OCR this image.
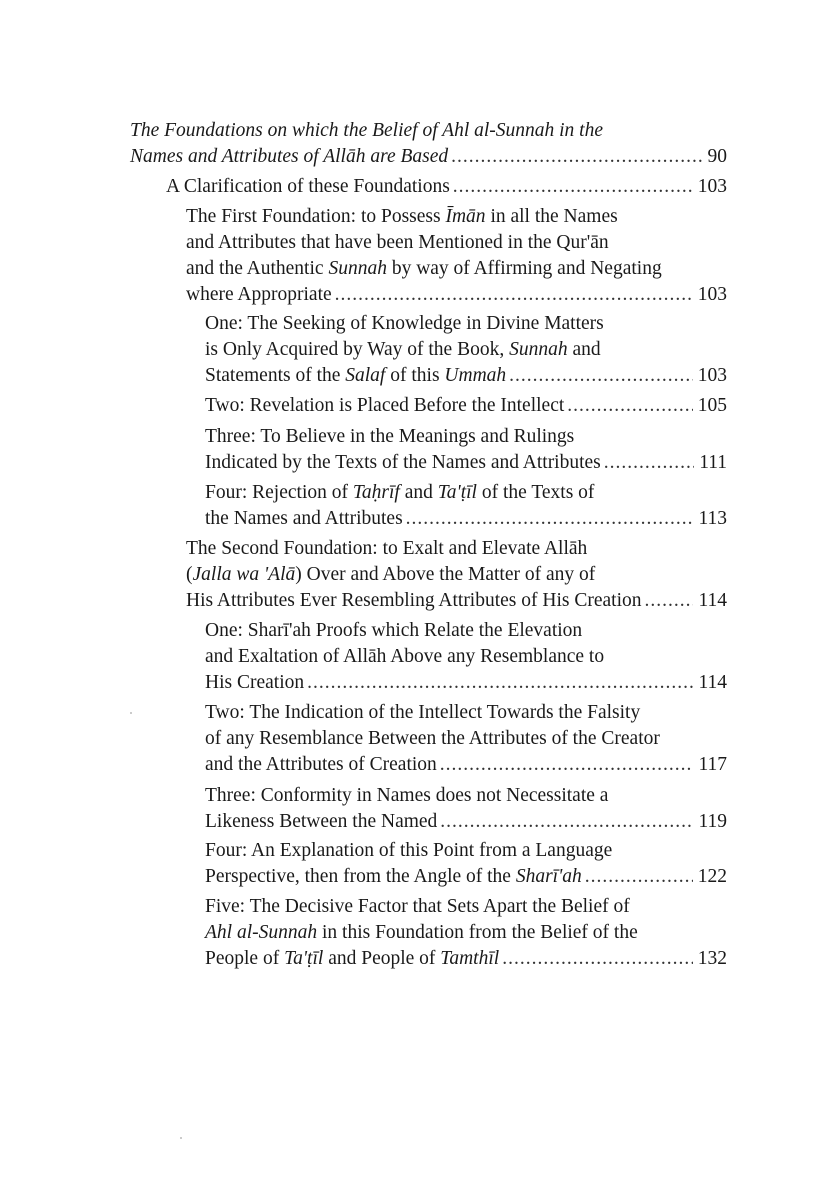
The Foundations on which the Belief of Ahl al-Sunnah in the
Names and Attributes of Allāh are Based .....	90
A Clarification of these Foundations .....	103
The First Foundation: to Possess Īmān in all the Names
and Attributes that have been Mentioned in the Qur'ān
and the Authentic Sunnah by way of Affirming and Negating
where Appropriate .....	103
One: The Seeking of Knowledge in Divine Matters
is Only Acquired by Way of the Book, Sunnah and
Statements of the Salaf of this Ummah .....	103
Two: Revelation is Placed Before the Intellect .....	105
Three: To Believe in the Meanings and Rulings
Indicated by the Texts of the Names and Attributes .....	111
Four: Rejection of Taḥrīf and Ta'ṭīl of the Texts of
the Names and Attributes .....	113
The Second Foundation: to Exalt and Elevate Allāh
(Jalla wa 'Alā) Over and Above the Matter of any of
His Attributes Ever Resembling Attributes of His Creation .....	114
One: Sharī'ah Proofs which Relate the Elevation
and Exaltation of Allāh Above any Resemblance to
His Creation .....	114
Two: The Indication of the Intellect Towards the Falsity
of any Resemblance Between the Attributes of the Creator
and the Attributes of Creation .....	117
Three: Conformity in Names does not Necessitate a
Likeness Between the Named .....	119
Four: An Explanation of this Point from a Language
Perspective, then from the Angle of the Sharī'ah .....	122
Five: The Decisive Factor that Sets Apart the Belief of
Ahl al-Sunnah in this Foundation from the Belief of the
People of Ta'ṭīl and People of Tamthīl .....	132
